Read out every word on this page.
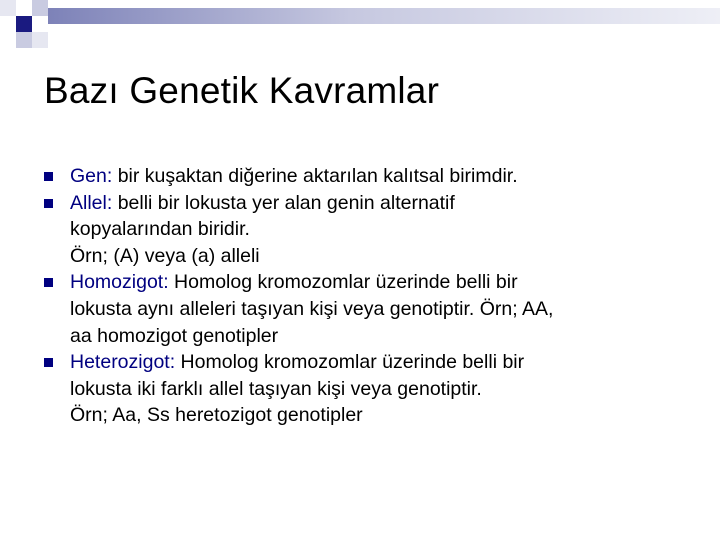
Bazı Genetik Kavramlar
Gen: bir kuşaktan diğerine aktarılan kalıtsal birimdir.
Allel: belli bir lokusta yer alan genin alternatif
kopyalarından biridir.
Örn; (A) veya (a) alleli
Homozigot: Homolog kromozomlar üzerinde belli bir
lokusta aynı alleleri taşıyan kişi veya genotiptir. Örn; AA,
aa homozigot genotipler
Heterozigot: Homolog kromozomlar üzerinde belli bir
lokusta iki farklı allel taşıyan kişi veya genotiptir.
Örn; Aa, Ss heretozigot genotipler
